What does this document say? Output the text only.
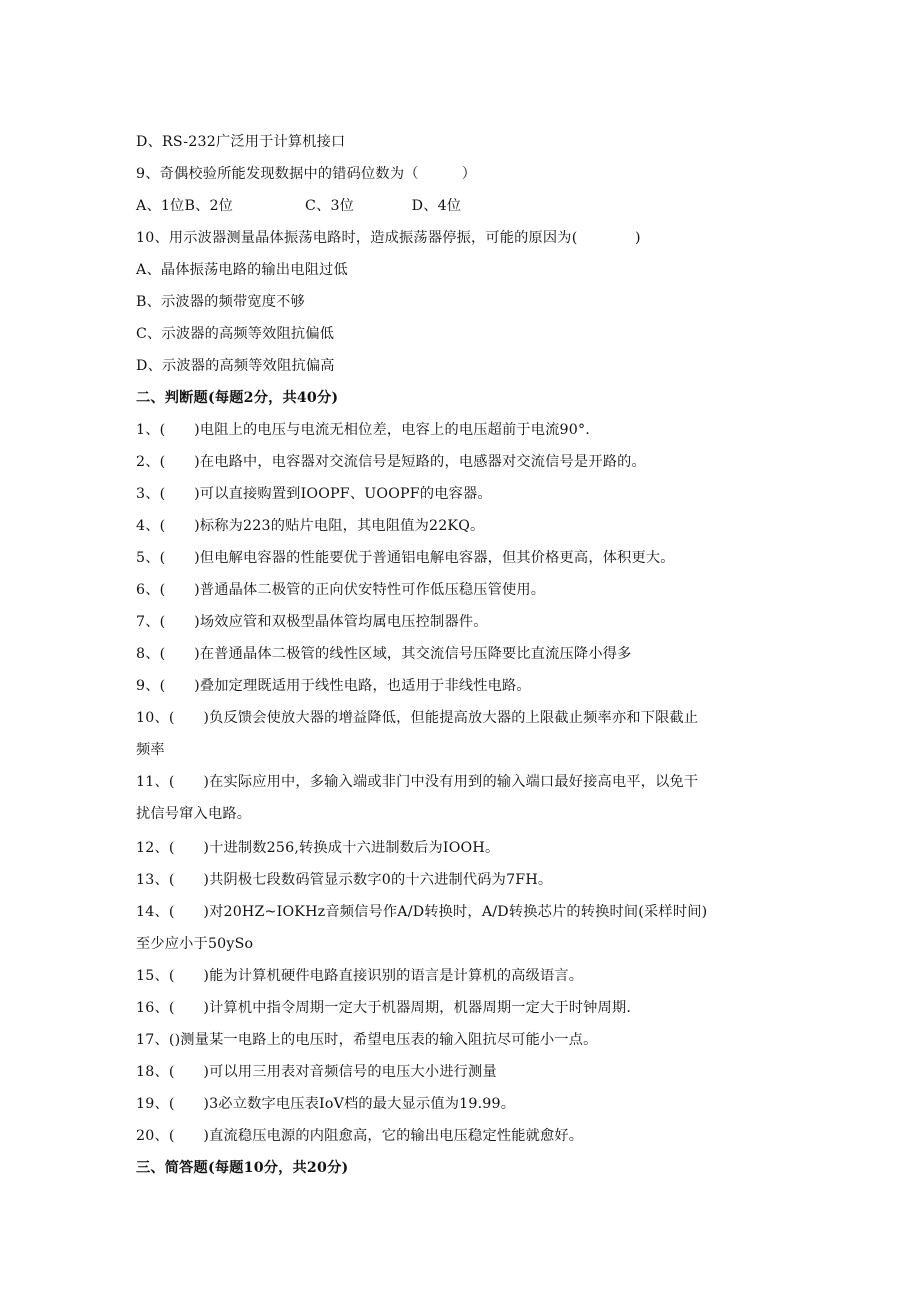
D、RS-232广泛用于计算机接口
9、奇偶校验所能发现数据中的错码位数为（　　　）
A、1位B、2位　　　　　C、3位　　　　D、4位
10、用示波器测量晶体振荡电路时，造成振荡器停振，可能的原因为(　　　　)
A、晶体振荡电路的输出电阻过低
B、示波器的频带宽度不够
C、示波器的高频等效阻抗偏低
D、示波器的高频等效阻抗偏高
二、判断题(每题2分，共40分)
1、(　　)电阻上的电压与电流无相位差，电容上的电压超前于电流90°.
2、(　　)在电路中，电容器对交流信号是短路的，电感器对交流信号是开路的。
3、(　　)可以直接购置到IOOPF、UOOPF的电容器。
4、(　　)标称为223的贴片电阻，其电阻值为22KQ。
5、(　　)但电解电容器的性能要优于普通铝电解电容器，但其价格更高，体积更大。
6、(　　)普通晶体二极管的正向伏安特性可作低压稳压管使用。
7、(　　)场效应管和双极型晶体管均属电压控制器件。
8、(　　)在普通晶体二极管的线性区域，其交流信号压降要比直流压降小得多
9、(　　)叠加定理既适用于线性电路，也适用于非线性电路。
10、(　　)负反馈会使放大器的增益降低，但能提高放大器的上限截止频率亦和下限截止
频率
11、(　　)在实际应用中，多输入端或非门中没有用到的输入端口最好接高电平，以免干
扰信号窜入电路。
12、(　　)十进制数256,转换成十六进制数后为IOOH。
13、(　　)共阴极七段数码管显示数字0的十六进制代码为7FH。
14、(　　)对20HZ~IOKHz音频信号作A/D转换时，A/D转换芯片的转换时间(采样时间)
至少应小于50ySo
15、(　　)能为计算机硬件电路直接识别的语言是计算机的高级语言。
16、(　　)计算机中指令周期一定大于机器周期，机器周期一定大于时钟周期.
17、()测量某一电路上的电压时，希望电压表的输入阻抗尽可能小一点。
18、(　　)可以用三用表对音频信号的电压大小进行测量
19、(　　)3必立数字电压表IoV档的最大显示值为19.99。
20、(　　)直流稳压电源的内阻愈高，它的输出电压稳定性能就愈好。
三、简答题(每题10分，共20分)
